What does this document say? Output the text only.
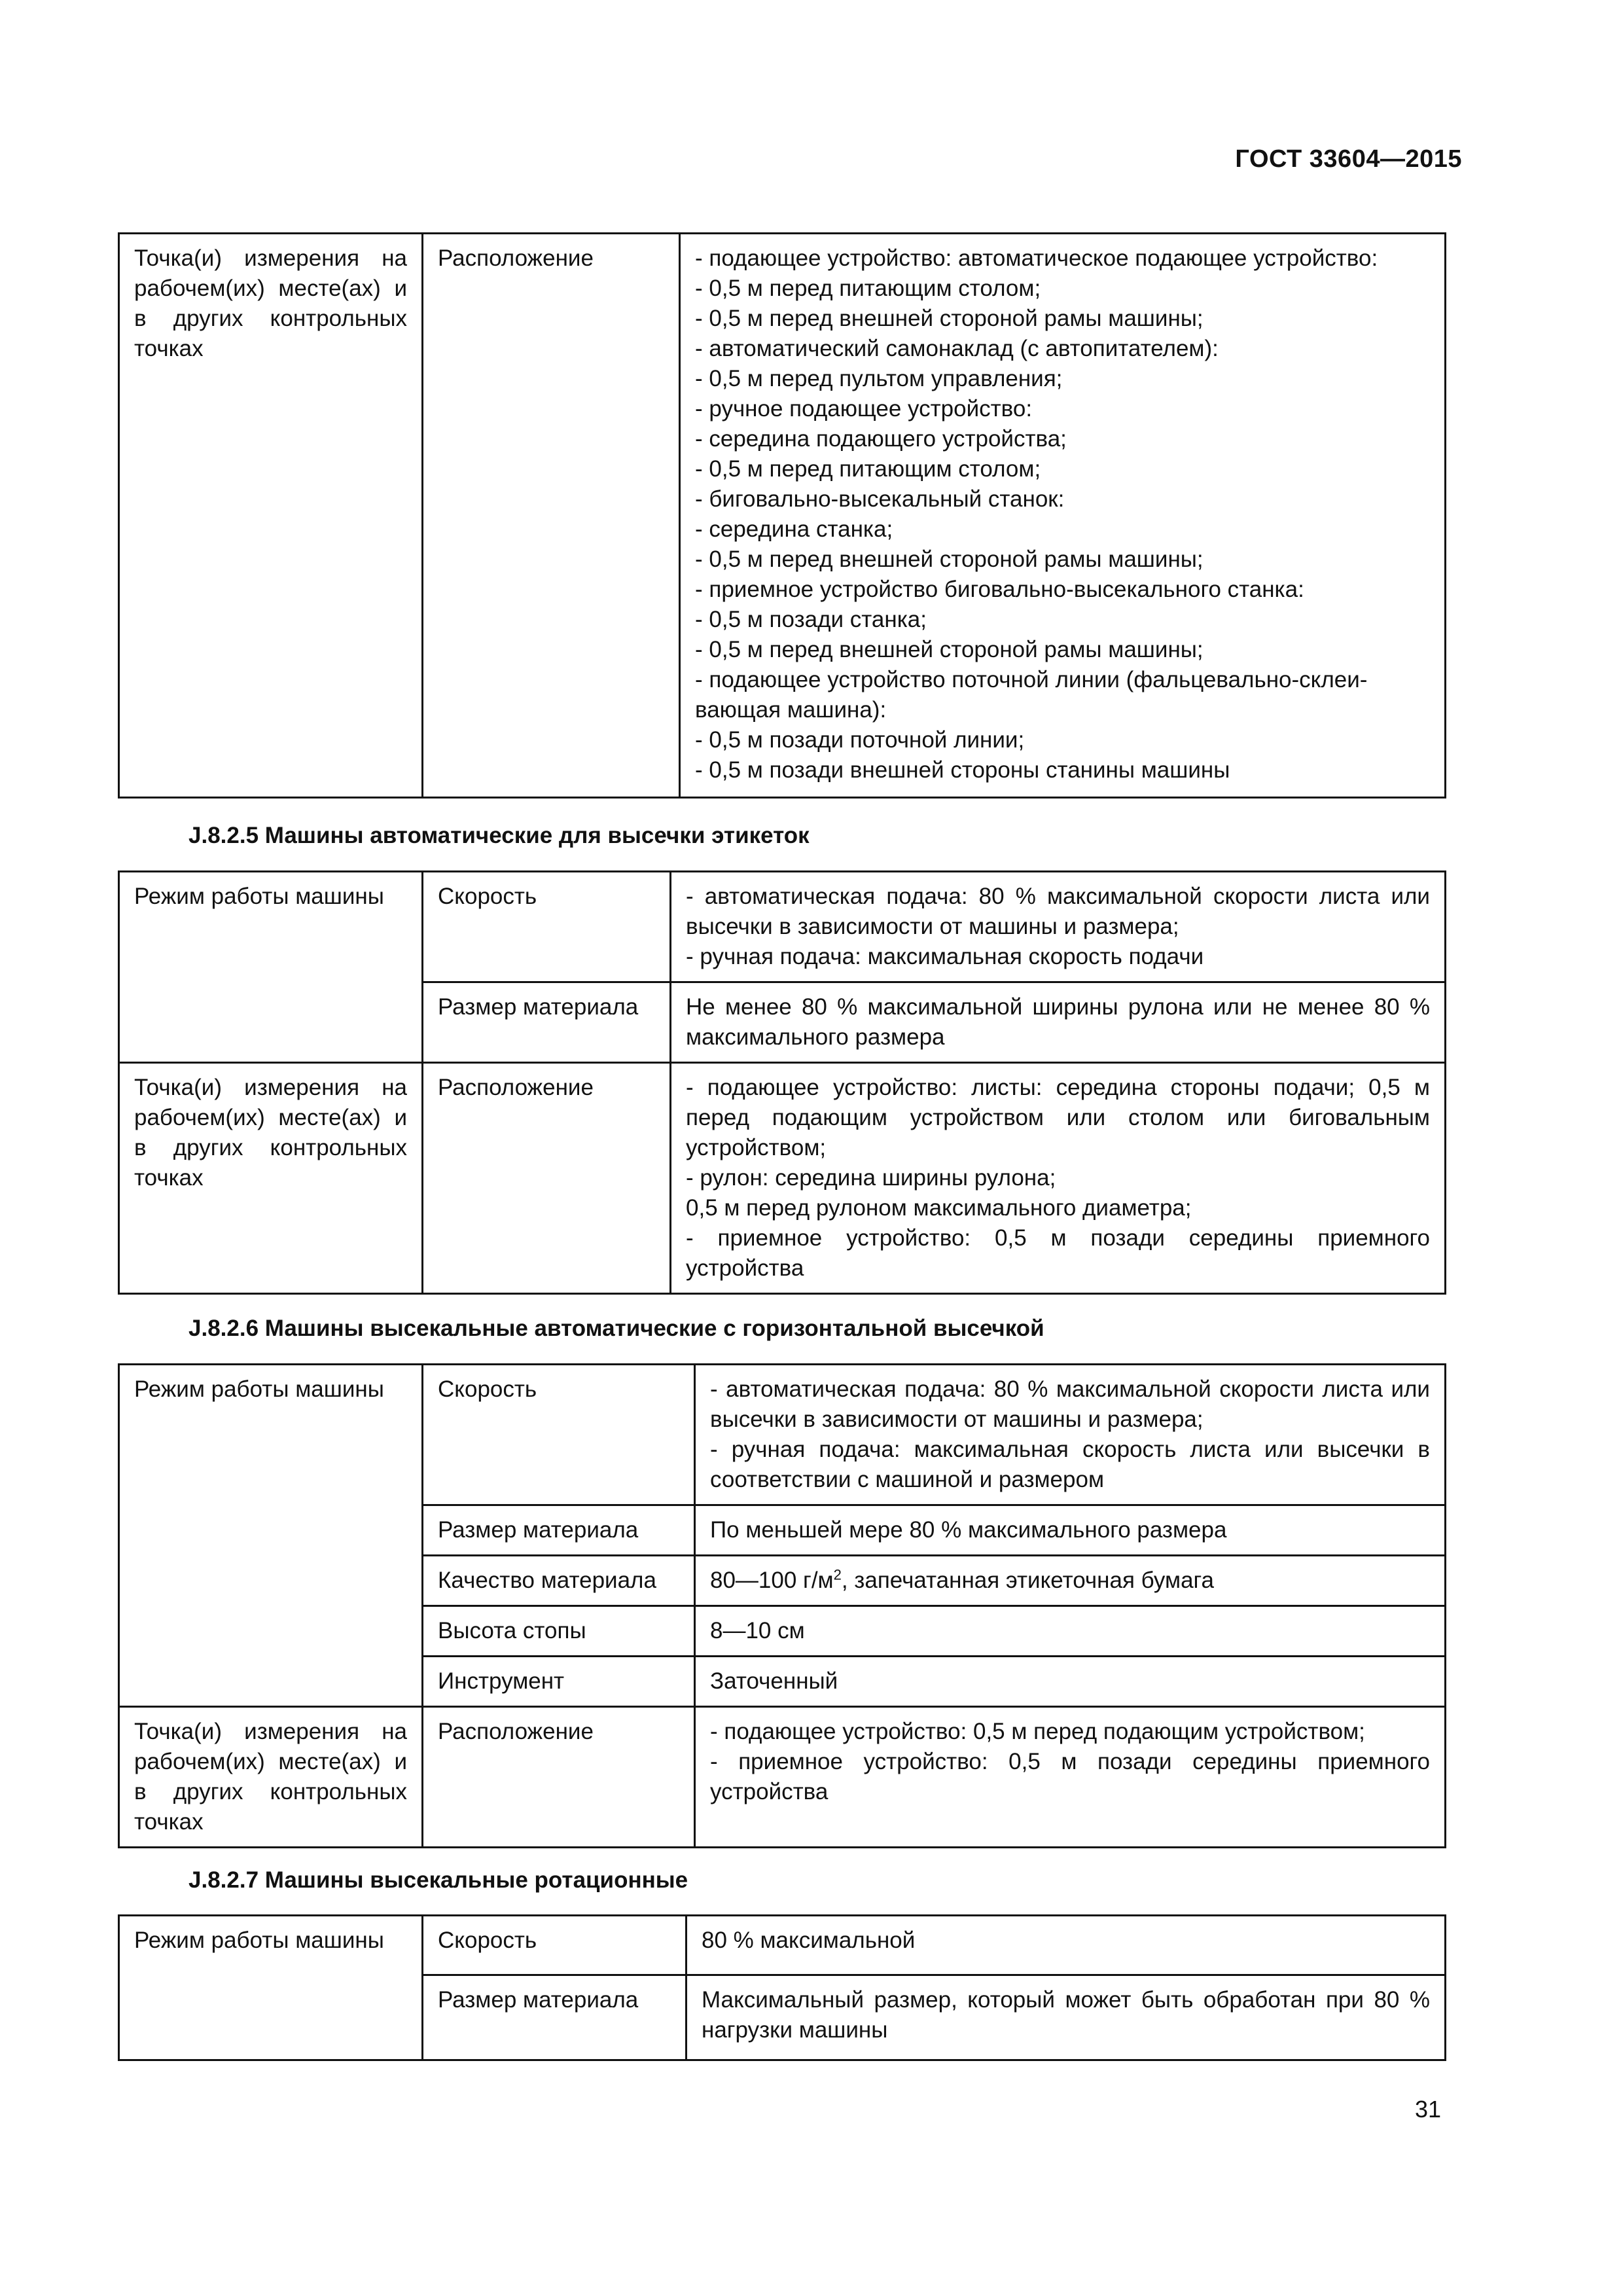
ГОСТ 33604—2015
Точка(и) измерения на рабочем(их) месте(ах) и в других контрольных точках	Расположение	- подающее устройство: автоматическое подающее устройство:
- 0,5 м перед питающим столом;
- 0,5 м перед внешней стороной рамы машины;
- автоматический самонаклад (с автопитателем):
- 0,5 м перед пультом управления;
- ручное подающее устройство:
- середина подающего устройства;
- 0,5 м перед питающим столом;
- биговально-высекальный станок:
- середина станка;
- 0,5 м перед внешней стороной рамы машины;
- приемное устройство биговально-высекального станка:
- 0,5 м позади станка;
- 0,5 м перед внешней стороной рамы машины;
- подающее устройство поточной линии (фальцевально-склеи-
вающая машина):
- 0,5 м позади поточной линии;
- 0,5 м позади внешней стороны станины машины
J.8.2.5 Машины автоматические для высечки этикеток
Режим работы машины	Скорость	- автоматическая подача: 80 % максимальной скорости листа или высечки в зависимости от машины и размера;
- ручная подача: максимальная скорость подачи

	Размер материала	Не менее 80 % максимальной ширины рулона или не менее 80 % максимального размера
Точка(и) измерения на рабочем(их) месте(ах) и в других контрольных точках	Расположение	- подающее устройство: листы: середина стороны подачи; 0,5 м перед подающим устройством или столом или биговальным устройством;
- рулон: середина ширины рулона;
0,5 м перед рулоном максимального диаметра;
- приемное устройство: 0,5 м позади середины приемного устройства
J.8.2.6 Машины высекальные автоматические с горизонтальной высечкой
Режим работы машины	Скорость	- автоматическая подача: 80 % максимальной скорости листа или высечки в зависимости от машины и размера;
- ручная подача: максимальная скорость листа или высечки в соответствии с машиной и размером

	Размер материала	По меньшей мере 80 % максимального размера
	Качество материала	80—100 $г/м^2$, запечатанная этикеточная бумага
	Высота стопы	8—10 см
	Инструмент	Заточенный
Точка(и) измерения на рабочем(их) месте(ах) и в других контрольных точках	Расположение	- подающее устройство: 0,5 м перед подающим устройством;
- приемное устройство: 0,5 м позади середины приемного устройства
J.8.2.7 Машины высекальные ротационные
Режим работы машины	Скорость	80 % максимальной
	Размер материала	Максимальный размер, который может быть обработан при 80 % нагрузки машины
31
